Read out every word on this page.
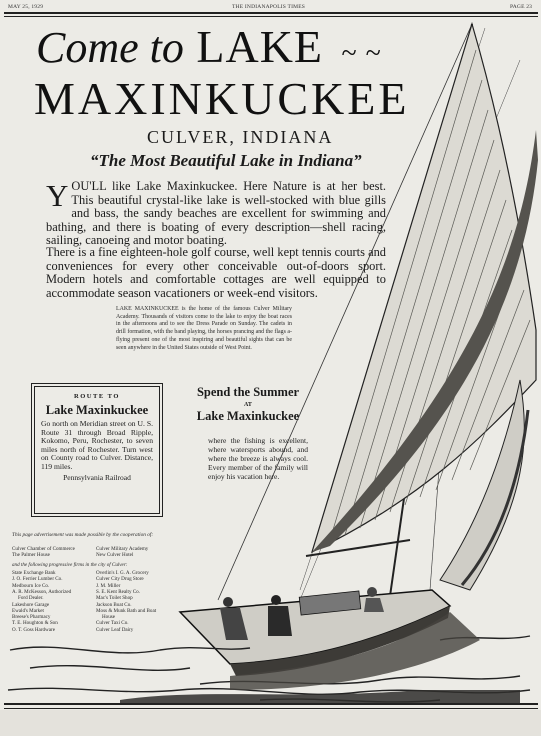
MAY 25, 1929	THE INDIANAPOLIS TIMES	PAGE 23
Come to LAKE ~ ~
MAXINKUCKEE
CULVER, INDIANA
“The Most Beautiful Lake in Indiana”
Y OU'LL like Lake Maxinkuckee. Here Nature is at her best. This beautiful crystal-like lake is well-stocked with blue gills and bass, the sandy beaches are excellent for swimming and bathing, and there is boating of every description—shell racing, sailing, canoeing and motor boating.
There is a fine eighteen-hole golf course, well kept tennis courts and conveniences for every other conceivable out-of-doors sport. Modern hotels and comfortable cottages are well equipped to accommodate season vacationers or week-end visitors.
LAKE MAXINKUCKEE is the home of the famous Culver Military Academy. Thousands of visitors come to the lake to enjoy the boat races in the afternoons and to see the Dress Parade on Sunday. The cadets in drill formation, with the band playing, the horses prancing and the flags a-flying present one of the most inspiring and beautiful sights that can be seen anywhere in the United States outside of West Point.
ROUTE TO
Lake Maxinkuckee
Go north on Meridian street on U. S. Route 31 through Broad Ripple, Kokomo, Peru, Rochester, to seven miles north of Rochester. Turn west on County road to Culver. Distance, 119 miles.
Pennsylvania Railroad
Spend the Summer
AT
Lake Maxinkuckee
where the fishing is excellent, where watersports abound, and where the breeze is always cool. Every member of the family will enjoy his vacation here.
This page advertisement was made possible by the cooperation of:
Culver Chamber of Commerce
The Palmer House
Culver Military Academy
New Culver Hotel
and the following progressive firms in the city of Culver:
State Exchange Bank
J. O. Ferrier Lumber Co.
Medbourn Ice Co.
A. R. McKesson, Authorized
Ford Dealer.
Lakeshore Garage
Ewald's Market
Breese's Pharmacy
T. E. Houghton & Son
O. T. Goss Hardware
Overlin's I. G. A. Grocery
Culver City Drug Store
J. M. Miller
S. E. Kent Realty Co.
Mac's Toilet Shop
Jackson Boat Co.
Moss & Munk Bath and Boat
House
Culver Taxi Co.
Culver Leaf Dairy
